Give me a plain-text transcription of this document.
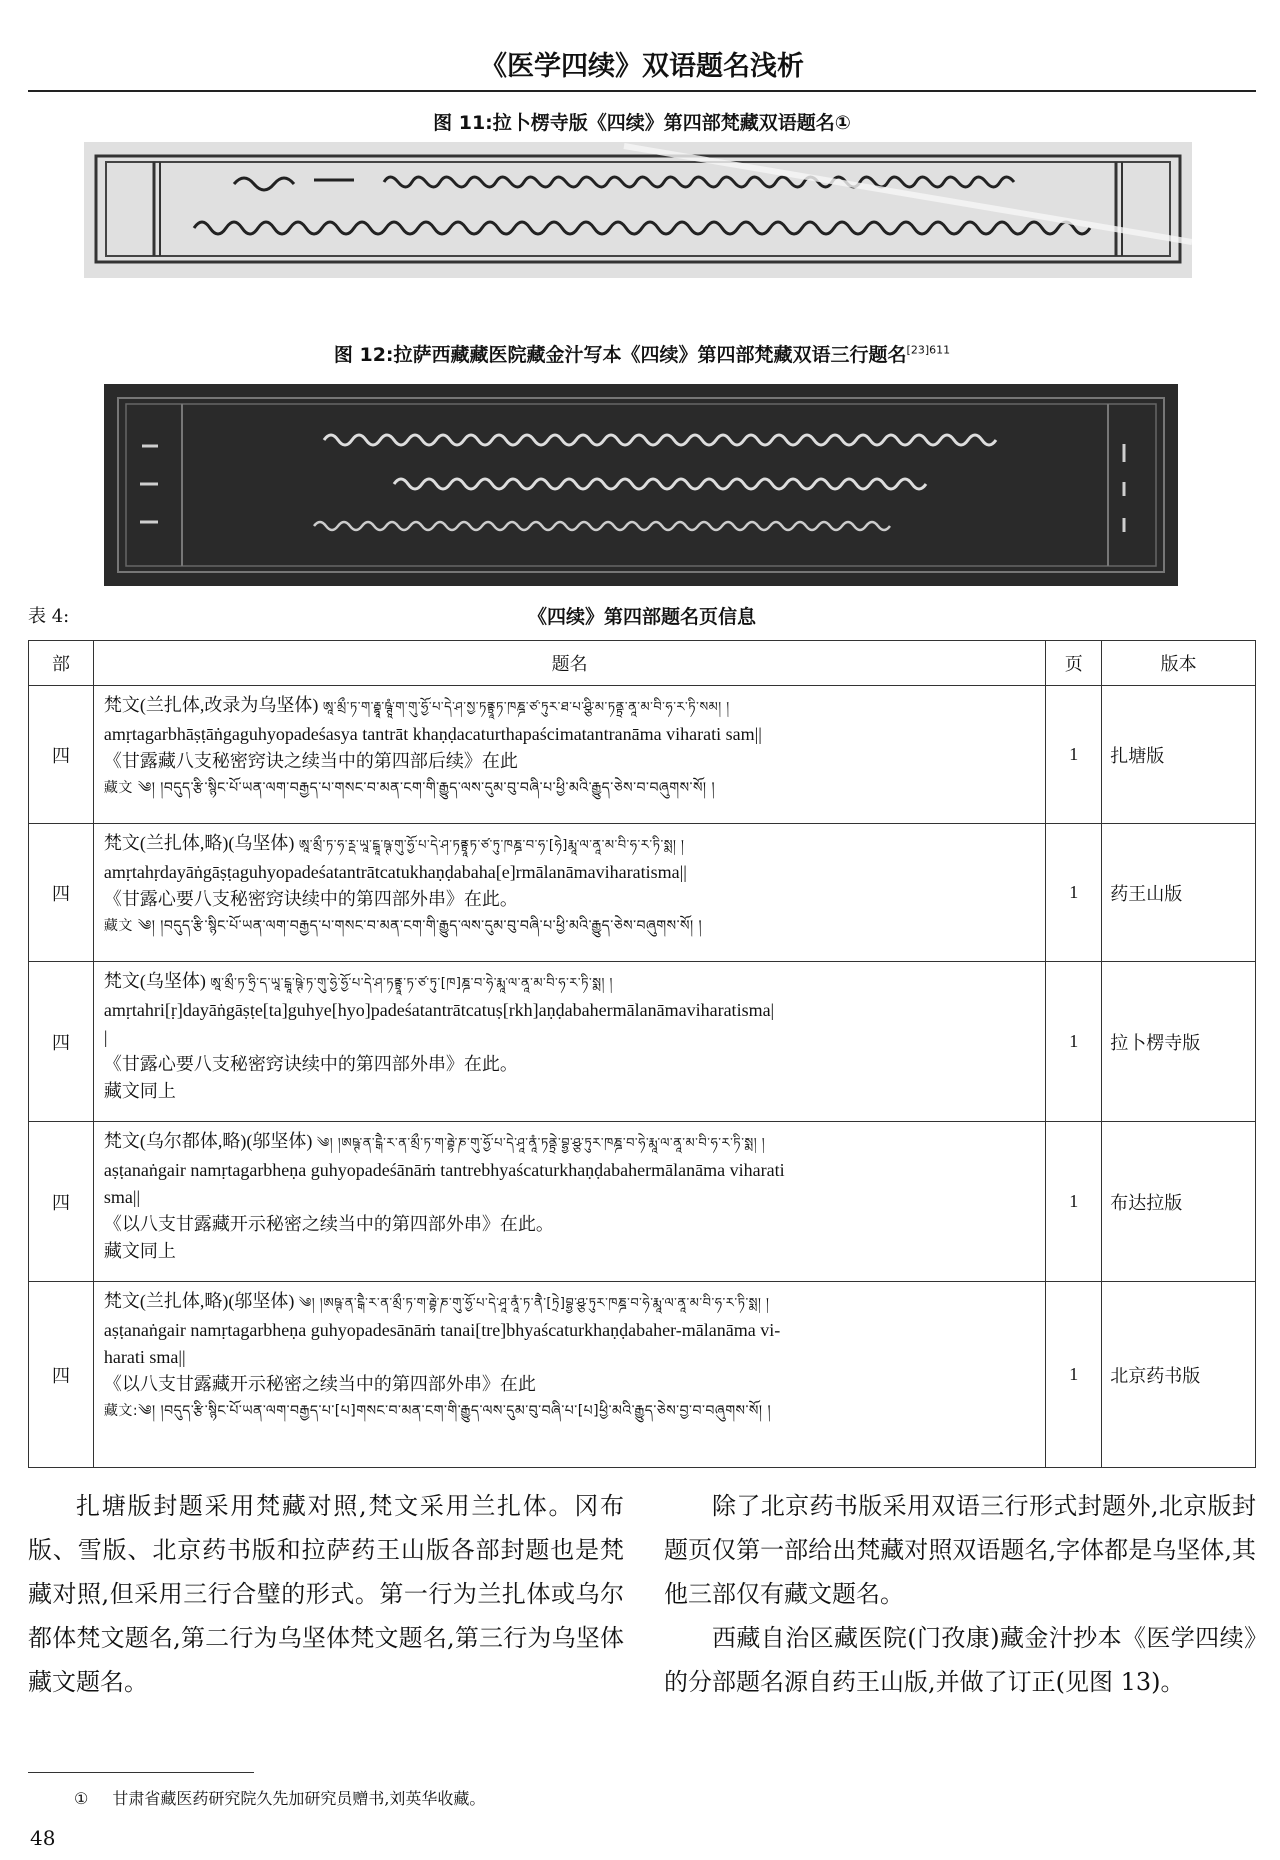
《医学四续》双语题名浅析
图 11:拉卜楞寺版《四续》第四部梵藏双语题名①
图 12:拉萨西藏藏医院藏金汁写本《四续》第四部梵藏双语三行题名$^{[23]611}$
表 4:	《四续》第四部题名页信息
部	题名	页	版本
四	梵文(兰扎体,改录为乌坚体) ཨཱ་མྲྀ་ཏ་ག་རྦྷཱ་ཥྚཱཾ་ག་གུ་ཧྱོ་པ་དེ་ཤ་སྱ་ཏནྟྲཱཏ་ཁཎྜ་ཙ་ཏུར་ཐ་པ་ཤྩི་མ་ཏནྟྲ་ནཱ་མ་བི་ཧ་ར་ཏི་སམ། །
amṛtagarbhāṣṭāṅgaguhyopadeśasya tantrāt khaṇḍacaturthapaścimatantranāma viharati sam||
《甘露藏八支秘密窍诀之续当中的第四部后续》在此
藏文 ༄། །བདུད་རྩི་སྙིང་པོ་ཡན་ལག་བརྒྱད་པ་གསང་བ་མན་ངག་གི་རྒྱུད་ལས་དུམ་བུ་བཞི་པ་ཕྱི་མའི་རྒྱུད་ཅེས་བ་བཞུགས་སོ། །	1	扎塘版
四	梵文(兰扎体,略)(乌坚体) ཨཱ་མྲྀ་ཏ་ཧ་ཪྡ་ཡཱ་ངྒཱ་ཥྚ་གུ་ཧྱོ་པ་དེ་ཤ་ཏནྟྲཱཏ་ཙ་ཏུ་ཁཎྜ་བ་ཧ་[ཧེ]རྨཱ་ལ་ནཱ་མ་བི་ཧ་ར་ཏི་སྨ། །
amṛtahṛdayāṅgāṣṭaguhyopadeśatantrātcatukhaṇḍabaha[e]rmālanāmaviharatisma||
《甘露心要八支秘密窍诀续中的第四部外串》在此。
藏文 ༄། །བདུད་རྩི་སྙིང་པོ་ཡན་ལག་བརྒྱད་པ་གསང་བ་མན་ངག་གི་རྒྱུད་ལས་དུམ་བུ་བཞི་པ་ཕྱི་མའི་རྒྱུད་ཅེས་བཞུགས་སོ། །	1	药王山版
四	梵文(乌坚体) ཨཱ་མྲྀ་ཏ་ཧྲི་ད་ཡཱ་ངྒཱ་ཥྚེ་ཏ་གུ་ཧྱེ་ཧྱོ་པ་དེ་ཤ་ཏནྟྲཱ་ཏ་ཙ་ཏུ་[ཁ]ཎྜ་བ་ཧེ་རྨཱ་ལ་ནཱ་མ་བི་ཧ་ར་ཏི་སྨ། །
amṛtahri[ṛ]dayāṅgāṣṭe[ta]guhye[hyo]padeśatantrātcatuṣ[rkh]aṇḍabahermālanāmaviharatisma|
|
《甘露心要八支秘密窍诀续中的第四部外串》在此。
藏文同上	1	拉卜楞寺版
四	梵文(乌尔都体,略)(邬坚体) ༄། །ཨཥྚ་ན་ངྒཻ་ར་ན་མྲྀ་ཏ་ག་རྦྷེ་ཎ་གུ་ཧྱོ་པ་དེ་ཤཱ་ནཱཾ་ཏནྟྲེ་བྷྱ་ཤྩ་ཏུར་ཁཎྜ་བ་ཧེ་རྨཱ་ལ་ནཱ་མ་བི་ཧ་ར་ཏི་སྨ། །
aṣṭanaṅgair namṛtagarbheṇa guhyopadeśānāṁ tantrebhyaścaturkhaṇḍabahermālanāma viharati
sma||
《以八支甘露藏开示秘密之续当中的第四部外串》在此。
藏文同上	1	布达拉版
四	梵文(兰扎体,略)(邬坚体) ༄། །ཨཥྚ་ན་ངྒཻ་ར་ན་མྲྀ་ཏ་ག་རྦྷེ་ཎ་གུ་ཧྱོ་པ་དེ་ཤཱ་ནཱཾ་ཏ་ནཻ་[ཏྲེ]བྷྱ་ཤྩ་ཏུར་ཁཎྜ་བ་ཧེ་རྨཱ་ལ་ནཱ་མ་བི་ཧ་ར་ཏི་སྨ། །
aṣṭanaṅgair namṛtagarbheṇa guhyopadesānāṁ tanai[tre]bhyaścaturkhaṇḍabaher-mālanāma vi-
harati sma||
《以八支甘露藏开示秘密之续当中的第四部外串》在此
藏文:༄། །བདུད་རྩི་སྙིང་པོ་ཡན་ལག་བརྒྱད་པ་[པ]གསང་བ་མན་ངག་གི་རྒྱུད་ལས་དུམ་བུ་བཞི་པ་[པ]ཕྱི་མའི་རྒྱུད་ཅེས་བྱ་བ་བཞུགས་སོ། །	1	北京药书版

扎塘版封题采用梵藏对照,梵文采用兰扎体。冈布版、雪版、北京药书版和拉萨药王山版各部封题也是梵藏对照,但采用三行合璧的形式。第一行为兰扎体或乌尔都体梵文题名,第二行为乌坚体梵文题名,第三行为乌坚体藏文题名。

除了北京药书版采用双语三行形式封题外,北京版封题页仅第一部给出梵藏对照双语题名,字体都是乌坚体,其他三部仅有藏文题名。

西藏自治区藏医院(门孜康)藏金汁抄本《医学四续》的分部题名源自药王山版,并做了订正(见图 13)。

① 甘肃省藏医药研究院久先加研究员赠书,刘英华收藏。
48
